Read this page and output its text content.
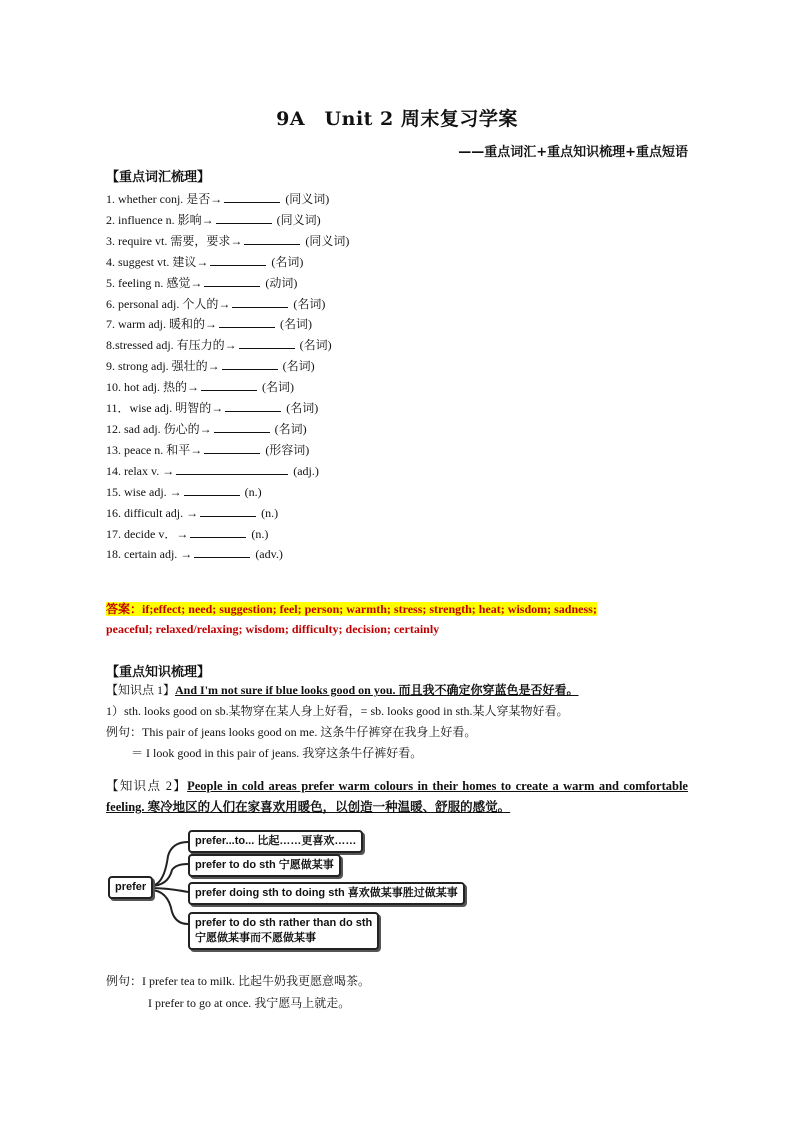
9A　Unit 2 周末复习学案
——重点词汇+重点知识梳理+重点短语
【重点词汇梳理】
1. whether conj. 是否→	(同义词)
2. influence n. 影响→	(同义词)
3. require vt. 需要，要求→	(同义词)
4. suggest vt. 建议→	(名词)
5. feeling n. 感觉→	(动词)
6. personal adj. 个人的→	(名词)
7. warm adj. 暖和的→	(名词)
8.stressed adj. 有压力的→	(名词)
9. strong adj. 强壮的→	(名词)
10. hot adj. 热的→	(名词)
11．wise adj. 明智的→	(名词)
12. sad adj. 伤心的→	(名词)
13. peace n. 和平→	(形容词)
14. relax v. →	(adj.)
15. wise adj. →	(n.)
16. difficult adj. →	(n.)
17. decide v．→	(n.)
18. certain adj. →	(adv.)
答案：if;effect; need; suggestion; feel; person; warmth; stress; strength; heat; wisdom; sadness;
peaceful; relaxed/relaxing; wisdom; difficulty; decision; certainly
【重点知识梳理】
【知识点 1】And I'm not sure if blue looks good on you. 而且我不确定你穿蓝色是否好看。
1）sth. looks good on sb.某物穿在某人身上好看，= sb. looks good in sth.某人穿某物好看。
例句：This pair of jeans looks good on me. 这条牛仔裤穿在我身上好看。
＝ I look good in this pair of jeans. 我穿这条牛仔裤好看。
【知识点 2】People in cold areas prefer warm colours in their homes to create a warm and comfortable feeling. 寒冷地区的人们在家喜欢用暖色，以创造一种温暖、舒服的感觉。
prefer
prefer...to... 比起……更喜欢……
prefer to do sth 宁愿做某事
prefer doing sth to doing sth 喜欢做某事胜过做某事
prefer to do sth rather than do sth
宁愿做某事而不愿做某事
例句：I prefer tea to milk. 比起牛奶我更愿意喝茶。
I prefer to go at once. 我宁愿马上就走。
